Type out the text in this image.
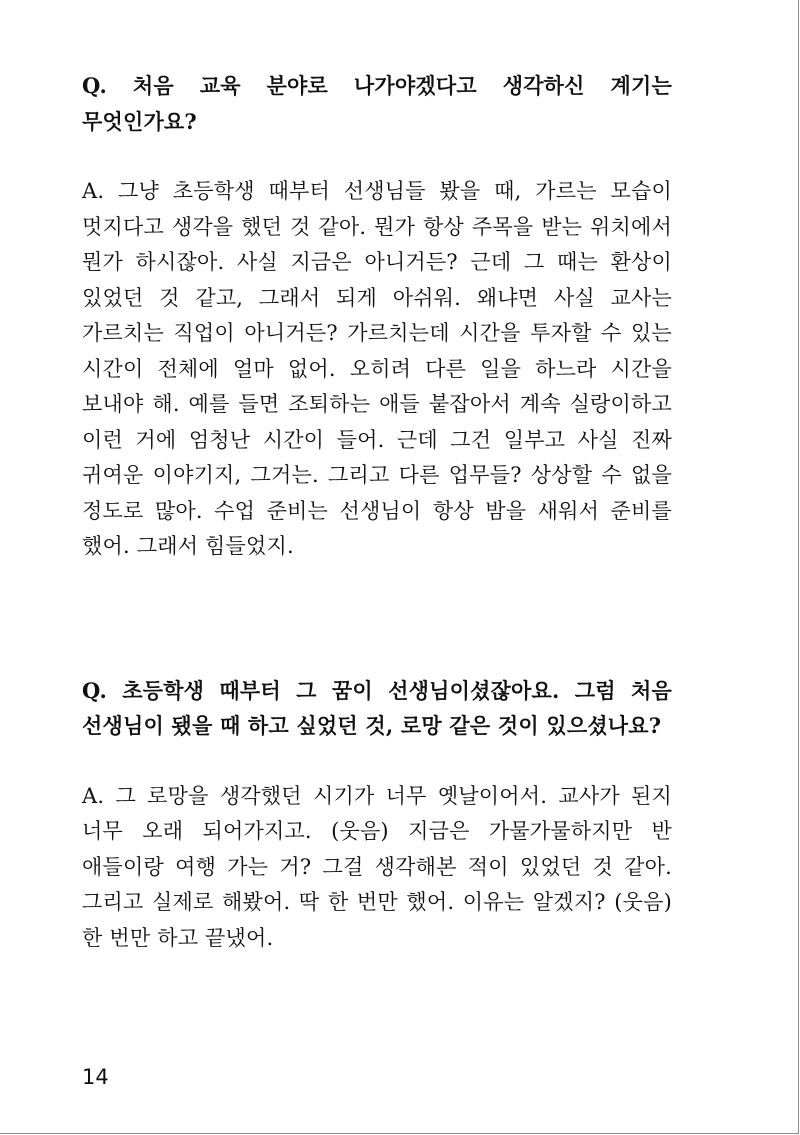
Q. 처음 교육 분야로 나가야겠다고 생각하신 계기는 무엇인가요?

A. 그냥 초등학생 때부터 선생님들 봤을 때, 가르는 모습이 멋지다고 생각을 했던 것 같아. 뭔가 항상 주목을 받는 위치에서 뭔가 하시잖아. 사실 지금은 아니거든? 근데 그 때는 환상이 있었던 것 같고, 그래서 되게 아쉬워. 왜냐면 사실 교사는 가르치는 직업이 아니거든? 가르치는데 시간을 투자할 수 있는 시간이 전체에 얼마 없어. 오히려 다른 일을 하느라 시간을 보내야 해. 예를 들면 조퇴하는 애들 붙잡아서 계속 실랑이하고 이런 거에 엄청난 시간이 들어. 근데 그건 일부고 사실 진짜 귀여운 이야기지, 그거는. 그리고 다른 업무들? 상상할 수 없을 정도로 많아. 수업 준비는 선생님이 항상 밤을 새워서 준비를 했어. 그래서 힘들었지.

Q. 초등학생 때부터 그 꿈이 선생님이셨잖아요. 그럼 처음 선생님이 됐을 때 하고 싶었던 것, 로망 같은 것이 있으셨나요?

A. 그 로망을 생각했던 시기가 너무 옛날이어서. 교사가 된지 너무 오래 되어가지고. (웃음) 지금은 가물가물하지만 반 애들이랑 여행 가는 거? 그걸 생각해본 적이 있었던 것 같아. 그리고 실제로 해봤어. 딱 한 번만 했어. 이유는 알겠지? (웃음) 한 번만 하고 끝냈어.

14
